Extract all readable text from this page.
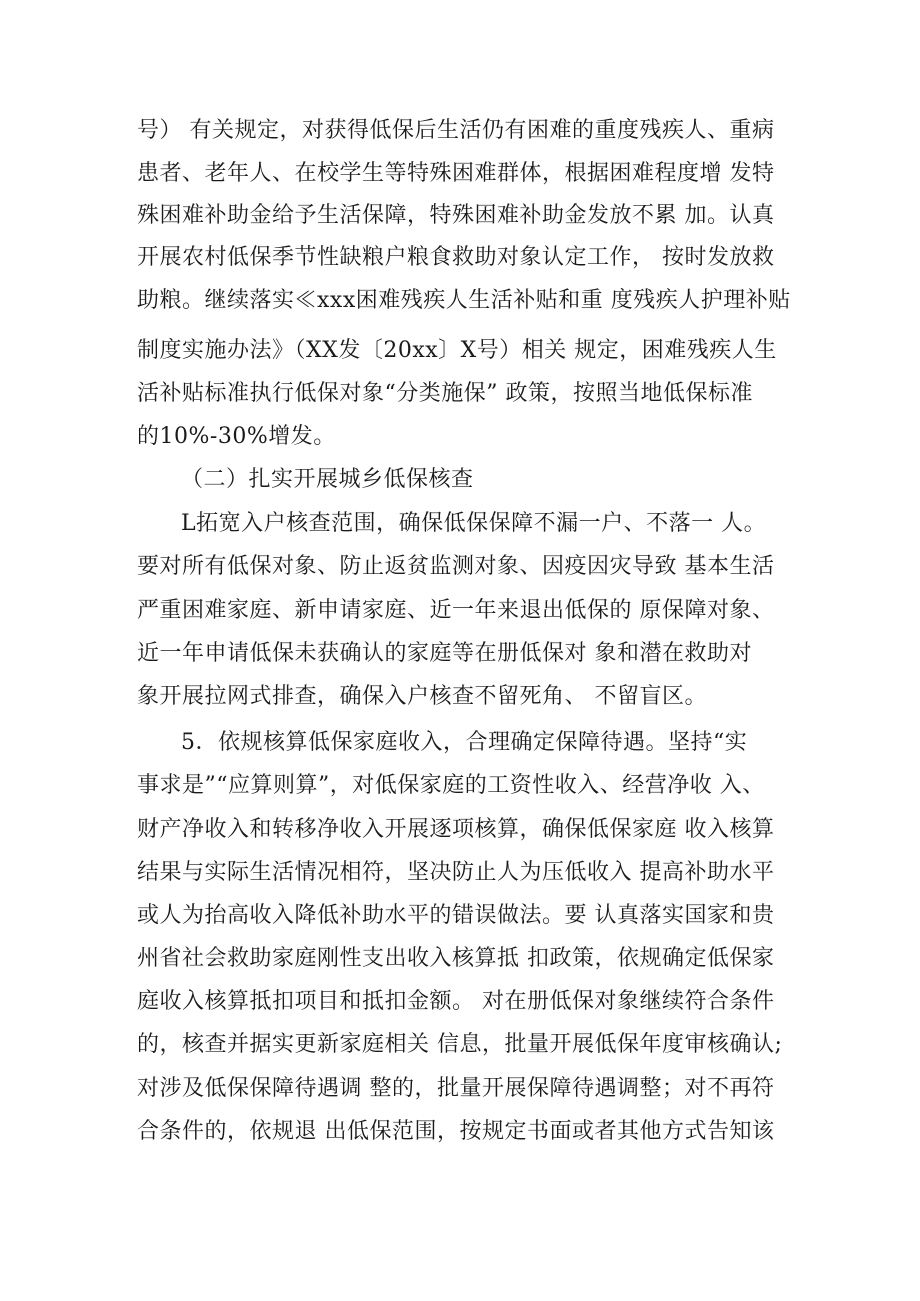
号） 有关规定，对获得低保后生活仍有困难的重度残疾人、重病
患者、老年人、在校学生等特殊困难群体，根据困难程度增 发特
殊困难补助金给予生活保障，特殊困难补助金发放不累 加。认真
开展农村低保季节性缺粮户粮食救助对象认定工作， 按时发放救
助粮。继续落实≪xxx困难残疾人生活补贴和重 度残疾人护理补贴
制度实施办法》（XX发〔20xx〕X号）相关 规定，困难残疾人生
活补贴标准执行低保对象“分类施保” 政策，按照当地低保标准
的10%-30%增发。
（二）扎实开展城乡低保核查
L拓宽入户核查范围，确保低保保障不漏一户、不落一 人。
要对所有低保对象、防止返贫监测对象、因疫因灾导致 基本生活
严重困难家庭、新申请家庭、近一年来退出低保的 原保障对象、
近一年申请低保未获确认的家庭等在册低保对 象和潜在救助对
象开展拉网式排查，确保入户核查不留死角、 不留盲区。
5．依规核算低保家庭收入，合理确定保障待遇。坚持“实
事求是”“应算则算”，对低保家庭的工资性收入、经营净收 入、
财产净收入和转移净收入开展逐项核算，确保低保家庭 收入核算
结果与实际生活情况相符，坚决防止人为压低收入 提高补助水平
或人为抬高收入降低补助水平的错误做法。要 认真落实国家和贵
州省社会救助家庭刚性支出收入核算抵 扣政策，依规确定低保家
庭收入核算抵扣项目和抵扣金额。 对在册低保对象继续符合条件
的，核查并据实更新家庭相关 信息，批量开展低保年度审核确认;
对涉及低保保障待遇调 整的，批量开展保障待遇调整；对不再符
合条件的，依规退 出低保范围，按规定书面或者其他方式告知该
